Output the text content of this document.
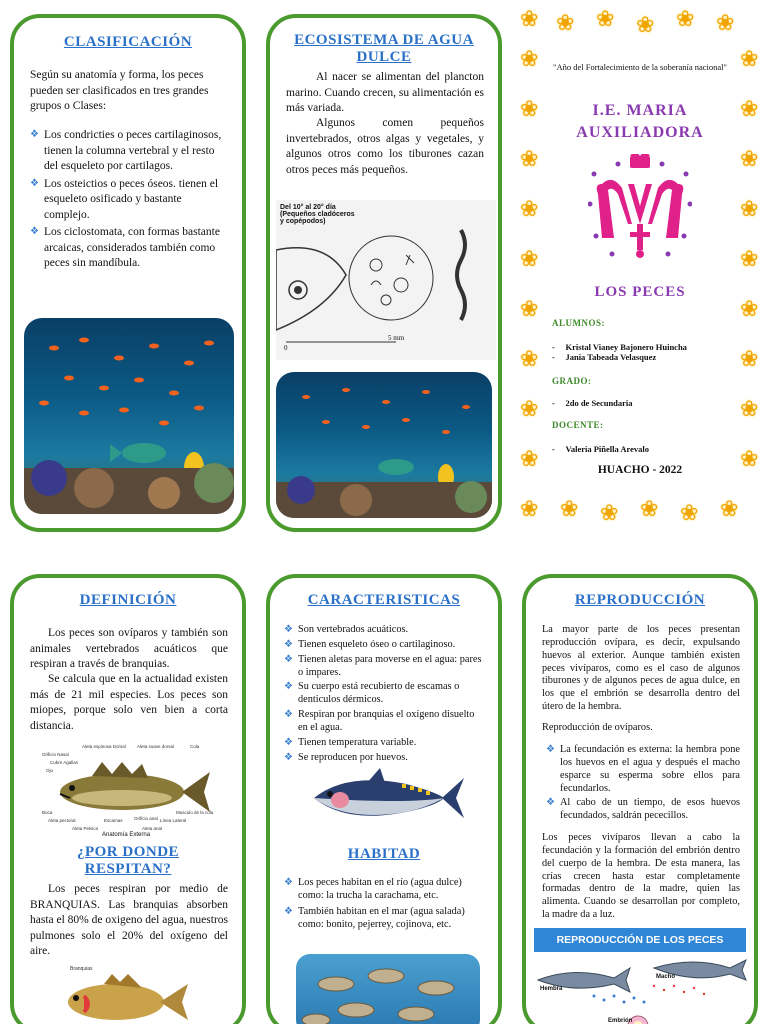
CLASIFICACIÓN
Según su anatomía y forma, los peces pueden ser clasificados en tres grandes grupos o Clases:
❖ Los condricties o peces cartilaginosos, tienen la columna vertebral y el resto del esqueleto por cartilagos.
❖ Los osteictios o peces óseos. tienen el esqueleto osificado y bastante complejo.
❖ Los ciclostomata, con formas bastante arcaicas, considerados también como peces sin mandíbula.
ECOSISTEMA DE AGUA DULCE
Al nacer se alimentan del plancton marino. Cuando crecen, su alimentación es más variada.
Algunos comen pequeños invertebrados, otros algas y vegetales, y algunos otros como los tiburones cazan otros peces más pequeños.
Del 10° al 20° día (Pequeños cladóceros y copépodos)
0
5 mm
❀ ❀ ❀ ❀ ❀ ❀
❀
❀
❀
❀
❀
❀
❀
❀
❀
❀
❀
❀
❀
❀
❀
❀
❀
❀
❀ ❀ ❀ ❀ ❀ ❀
"Año del Fortalecimiento de la soberanía nacional"
I.E. MARIA AUXILIADORA
LOS PECES
ALUMNOS:
- Kristal Vianey Bajonero Huincha
- Jania Tabeada Velasquez
GRADO:
- 2do de Secundaria
DOCENTE:
- Valeria Piñella Arevalo
HUACHO - 2022
DEFINICIÓN
Los peces son ovíparos y también son animales vertebrados acuáticos que respiran a través de branquias.
Se calcula que en la actualidad existen más de 21 mil especies. Los peces son miopes, porque solo ven bien a corta distancia.
Anatomía Externa
Aleta espinosa Dorsal Aleta suave dorsal	Cola
Orificio Nasal
Cubre Agallas
Ojo
Boca	Musculo de la cola
Aleta pectoral	Escamas	Orificio anal Línea Lateral
Aleta Pelvica	Aleta anal
¿POR DONDE RESPITAN?
Los peces respiran por medio de BRANQUIAS. Las branquias absorben hasta el 80% de oxigeno del agua, nuestros pulmones solo el 20% del oxígeno del aire.
Branquias
CARACTERISTICAS
❖ Son vertebrados acuáticos.
❖ Tienen esqueleto óseo o cartilaginoso.
❖ Tienen aletas para moverse en el agua: pares o impares.
❖ Su cuerpo está recubierto de escamas o denticulos dérmicos.
❖ Respiran por branquias el oxígeno disuelto en el agua.
❖ Tienen temperatura variable.
❖ Se reproducen por huevos.
HABITAD
❖ Los peces habitan en el río (agua dulce) como: la trucha la carachama, etc.
❖ También habitan en el mar (agua salada) como: bonito, pejerrey, cojinova, etc.
REPRODUCCIÓN
La mayor parte de los peces presentan reproducción ovípara, es decir, expulsando huevos al exterior. Aunque también existen peces vivíparos, como es el caso de algunos tiburones y de algunos peces de agua dulce, en los que el embrión se desarrolla dentro del útero de la hembra.
Reproducción de ovíparos.
❖ La fecundación es externa: la hembra pone los huevos en el agua y después el macho esparce su esperma sobre ellos para fecundarlos.
❖ Al cabo de un tiempo, de esos huevos fecundados, saldrán pececillos.
Los peces vivíparos llevan a cabo la fecundación y la formación del embrión dentro del cuerpo de la hembra. De esta manera, las crías crecen hasta estar completamente formadas dentro de la madre, quien las alimenta. Cuando se desarrollan por completo, la madre da a luz.
REPRODUCCIÓN DE LOS PECES
Macho
Hembra
Embrión
